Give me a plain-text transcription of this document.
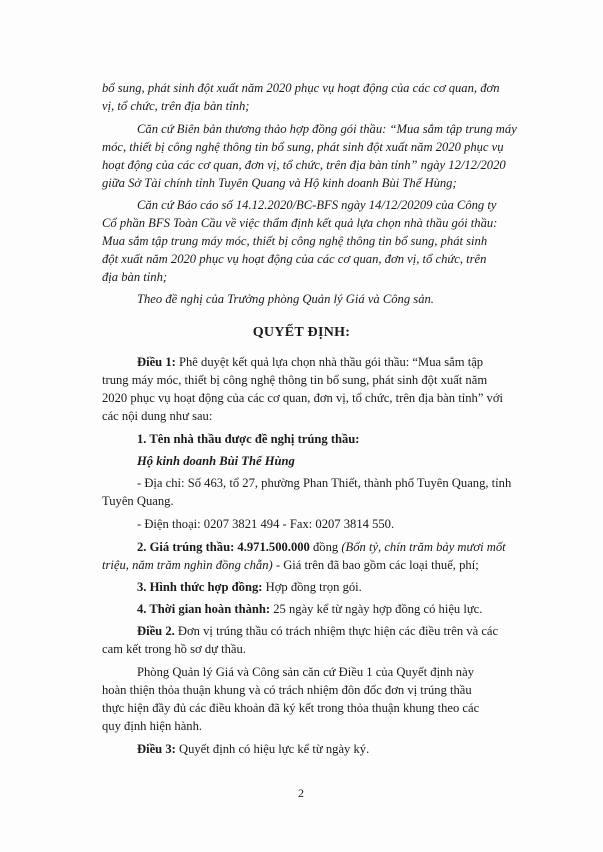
bổ sung, phát sinh đột xuất năm 2020 phục vụ hoạt động của các cơ quan, đơn
vị, tổ chức, trên địa bàn tỉnh;
Căn cứ Biên bản thương thảo hợp đồng gói thầu: “Mua sắm tập trung máy
móc, thiết bị công nghệ thông tin bổ sung, phát sinh đột xuất năm 2020 phục vụ
hoạt động của các cơ quan, đơn vị, tổ chức, trên địa bàn tỉnh” ngày 12/12/2020
giữa Sở Tài chính tỉnh Tuyên Quang và Hộ kinh doanh Bùi Thế Hùng;
Căn cứ Báo cáo số 14.12.2020/BC-BFS ngày 14/12/20209 của Công ty
Cổ phần BFS Toàn Cầu về việc thẩm định kết quả lựa chọn nhà thầu gói thầu:
Mua sắm tập trung máy móc, thiết bị công nghệ thông tin bổ sung, phát sinh
đột xuất năm 2020 phục vụ hoạt động của các cơ quan, đơn vị, tổ chức, trên
địa bàn tỉnh;
Theo đề nghị của Trưởng phòng Quản lý Giá và Công sản.
QUYẾT ĐỊNH:
Điều 1: Phê duyệt kết quả lựa chọn nhà thầu gói thầu: “Mua sắm tập
trung máy móc, thiết bị công nghệ thông tin bổ sung, phát sinh đột xuất năm
2020 phục vụ hoạt động của các cơ quan, đơn vị, tổ chức, trên địa bàn tỉnh” với
các nội dung như sau:
1. Tên nhà thầu được đề nghị trúng thầu:
Hộ kinh doanh Bùi Thế Hùng
- Địa chỉ: Số 463, tổ 27, phường Phan Thiết, thành phố Tuyên Quang, tỉnh
Tuyên Quang.
- Điện thoại: 0207 3821 494 - Fax: 0207 3814 550.
2. Giá trúng thầu: 4.971.500.000 đồng (Bốn tỷ, chín trăm bảy mươi mốt
triệu, năm trăm nghìn đồng chẵn) - Giá trên đã bao gồm các loại thuế, phí;
3. Hình thức hợp đồng: Hợp đồng trọn gói.
4. Thời gian hoàn thành: 25 ngày kể từ ngày hợp đồng có hiệu lực.
Điều 2. Đơn vị trúng thầu có trách nhiệm thực hiện các điều trên và các
cam kết trong hồ sơ dự thầu.
Phòng Quản lý Giá và Công sản căn cứ Điều 1 của Quyết định này
hoàn thiện thỏa thuận khung và có trách nhiệm đôn đốc đơn vị trúng thầu
thực hiện đầy đủ các điều khoản đã ký kết trong thỏa thuận khung theo các
quy định hiện hành.
Điều 3: Quyết định có hiệu lực kể từ ngày ký.
2
